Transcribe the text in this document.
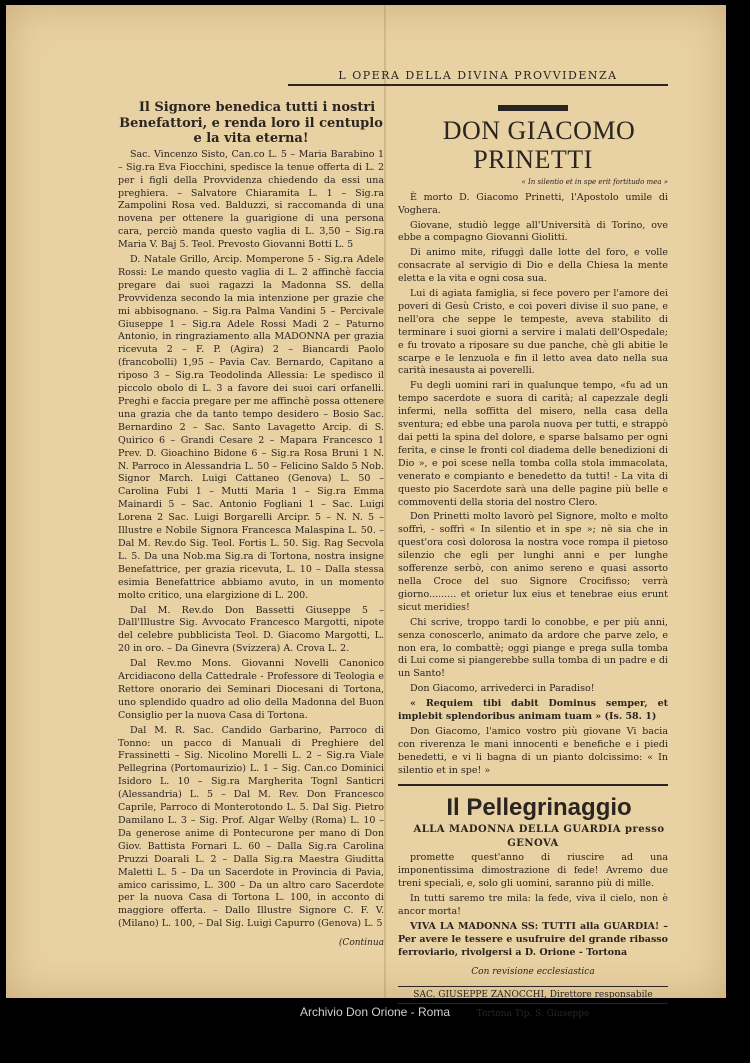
L OPERA DELLA DIVINA PROVVIDENZA

Il Signore benedica tutti i nostri Benefattori, e renda loro il centuplo e la vita eterna!

Sac. Vincenzo Sisto, Can.co L. 5 – Maria Barabino 1 – Sig.ra Eva Fiocchini, spedisce la tenue offerta di L. 2 per i figli della Provvidenza chiedendo da essi una preghiera. – Salvatore Chiaramita L. 1 – Sig.ra Zampolini Rosa ved. Balduzzi, si raccomanda di una novena per ottenere la guarigione di una persona cara, perciò manda questo vaglia di L. 3,50 – Sig.ra Maria V. Baj 5. Teol. Prevosto Giovanni Botti L. 5

D. Natale Grillo, Arcip. Momperone 5 - Sig.ra Adele Rossi: Le mando questo vaglia di L. 2 affinchè faccia pregare dai suoi ragazzi la Madonna SS. della Provvidenza secondo la mia intenzione per grazie che mi abbisognano. – Sig.ra Palma Vandini 5 – Percivale Giuseppe 1 – Sig.ra Adele Rossi Madi 2 – Paturno Antonio, in ringraziamento alla MADONNA per grazia ricevuta 2 – F. P. (Agira) 2 – Biancardi Paolo (francobolli) 1,95 – Pavia Cav. Bernardo, Capitano a riposo 3 – Sig.ra Teodolinda Allessia: Le spedisco il piccolo obolo di L. 3 a favore dei suoi cari orfanelli. Preghi e faccia pregare per me affinchè possa ottenere una grazia che da tanto tempo desidero – Bosio Sac. Bernardino 2 – Sac. Santo Lavagetto Arcip. di S. Quirico 6 – Grandi Cesare 2 – Mapara Francesco 1 Prev. D. Gioachino Bidone 6 – Sig.ra Rosa Bruni 1 N. N. Parroco in Alessandria L. 50 – Felicino Saldo 5 Nob. Signor March. Luigi Cattaneo (Genova) L. 50 – Carolina Fubi 1 – Mutti Maria 1 – Sig.ra Emma Mainardi 5 – Sac. Antonio Fogliani 1 – Sac. Luigi Lorena 2 Sac. Luigi Borgarelli Arcipr. 5 – N. N. 5 – Illustre e Nobile Signora Francesca Malaspina L. 50. – Dal M. Rev.do Sig. Teol. Fortis L. 50. Sig. Rag Secvola L. 5. Da una Nob.ma Sig.ra di Tortona, nostra insigne Benefattrice, per grazia ricevuta, L. 10 – Dalla stessa esimia Benefattrice abbiamo avuto, in un momento molto critico, una elargizione di L. 200.

Dal M. Rev.do Don Bassetti Giuseppe 5 – Dall'Illustre Sig. Avvocato Francesco Margotti, nipote del celebre pubblicista Teol. D. Giacomo Margotti, L. 20 in oro. – Da Ginevra (Svizzera) A. Crova L. 2.

Dal Rev.mo Mons. Giovanni Novelli Canonico Arcidiacono della Cattedrale - Professore di Teologia e Rettore onorario dei Seminari Diocesani di Tortona, uno splendido quadro ad olio della Madonna del Buon Consiglio per la nuova Casa di Tortona.

Dal M. R. Sac. Candido Garbarino, Parroco di Tonno: un pacco di Manuali di Preghiere del Frassinetti – Sig. Nicolino Morelli L. 2 – Sig.ra Viale Pellegrina (Portomaurizio) L. 1 – Sig. Can.co Dominici Isidoro L. 10 – Sig.ra Margherita Tognl Santicri (Alessandria) L. 5 – Dal M. Rev. Don Francesco Caprile, Parroco di Monterotondo L. 5. Dal Sig. Pietro Damilano L. 3 – Sig. Prof. Algar Welby (Roma) L. 10 – Da generose anime di Pontecurone per mano di Don Giov. Battista Fornari L. 60 – Dalla Sig.ra Carolina Pruzzi Doarali L. 2 – Dalla Sig.ra Maestra Giuditta Maletti L. 5 – Da un Sacerdote in Provincia di Pavia, amico carissimo, L. 300 – Da un altro caro Sacerdote per la nuova Casa di Tortona L. 100, in acconto di maggiore offerta. – Dallo Illustre Signore C. F. V. (Milano) L. 100, – Dal Sig. Luigi Capurro (Genova) L. 5

(Continua

DON GIACOMO PRINETTI

« In silentio et in spe erit fortitudo mea »

È morto D. Giacomo Prinetti, l'Apostolo umile di Voghera.

Giovane, studiò legge all'Università di Torino, ove ebbe a compagno Giovanni Giolitti.

Di animo mite, rifuggì dalle lotte del foro, e volle consacrate al servigio di Dio e della Chiesa la mente eletta e la vita e ogni cosa sua.

Lui di agiata famiglia, si fece povero per l'amore dei poveri di Gesù Cristo, e coi poveri divise il suo pane, e nell'ora che seppe le tempeste, aveva stabilito di terminare i suoi giorni a servire i malati dell'Ospedale; e fu trovato a riposare su due panche, chè gli abitie le scarpe e le lenzuola e fin il letto avea dato nella sua carità inesausta ai poverelli.

Fu degli uomini rari in qualunque tempo, «fu ad un tempo sacerdote e suora di carità; al capezzale degli infermi, nella soffitta del misero, nella casa della sventura; ed ebbe una parola nuova per tutti, e strappò dai petti la spina del dolore, e sparse balsamo per ogni ferita, e cinse le fronti col diadema delle benedizioni di Dio », e poi scese nella tomba colla stola immacolata, venerato e compianto e benedetto da tutti! - La vita di questo pio Sacerdote sarà una delle pagine più belle e commoventi della storia del nostro Clero.

Don Prinetti molto lavorò pel Signore, molto e molto soffrì, - soffrì « In silentio et in spe »; nè sia che in quest'ora così dolorosa la nostra voce rompa il pietoso silenzio che egli per lunghi anni e per lunghe sofferenze serbò, con animo sereno e quasi assorto nella Croce del suo Signore Crocifisso; verrà giorno......... et orietur lux eius et tenebrae eius erunt sicut meridies!

Chi scrive, troppo tardi lo conobbe, e per più anni, senza conoscerlo, animato da ardore che parve zelo, e non era, lo combattè; oggi piange e prega sulla tomba di Lui come si piangerebbe sulla tomba di un padre e di un Santo!

Don Giacomo, arrivederci in Paradiso!

« Requiem tibi dabit Dominus semper, et implebit splendoribus animam tuam » (Is. 58. 1)

Don Giacomo, l'amico vostro più giovane Vi bacia con riverenza le mani innocenti e benefiche e i piedi benedetti, e vi li bagna di un pianto dolcissimo: « In silentio et in spe! »

Il Pellegrinaggio

ALLA MADONNA DELLA GUARDIA presso GENOVA

promette quest'anno di riuscire ad una imponentissima dimostrazione di fede! Avremo due treni speciali, e, solo gli uomini, saranno più di mille.

In tutti saremo tre mila: la fede, viva il cielo, non è ancor morta!

VIVA LA MADONNA SS: TUTTI alla GUARDIA! – Per avere le tessere e usufruire del grande ribasso ferroviario, rivolgersi a D. Orione - Tortona

Con revisione ecclesiastica
SAC. GIUSEPPE ZANOCCHI, Direttore responsabile
Tortona Tip. S. Giuseppe
Archivio Don Orione - Roma
